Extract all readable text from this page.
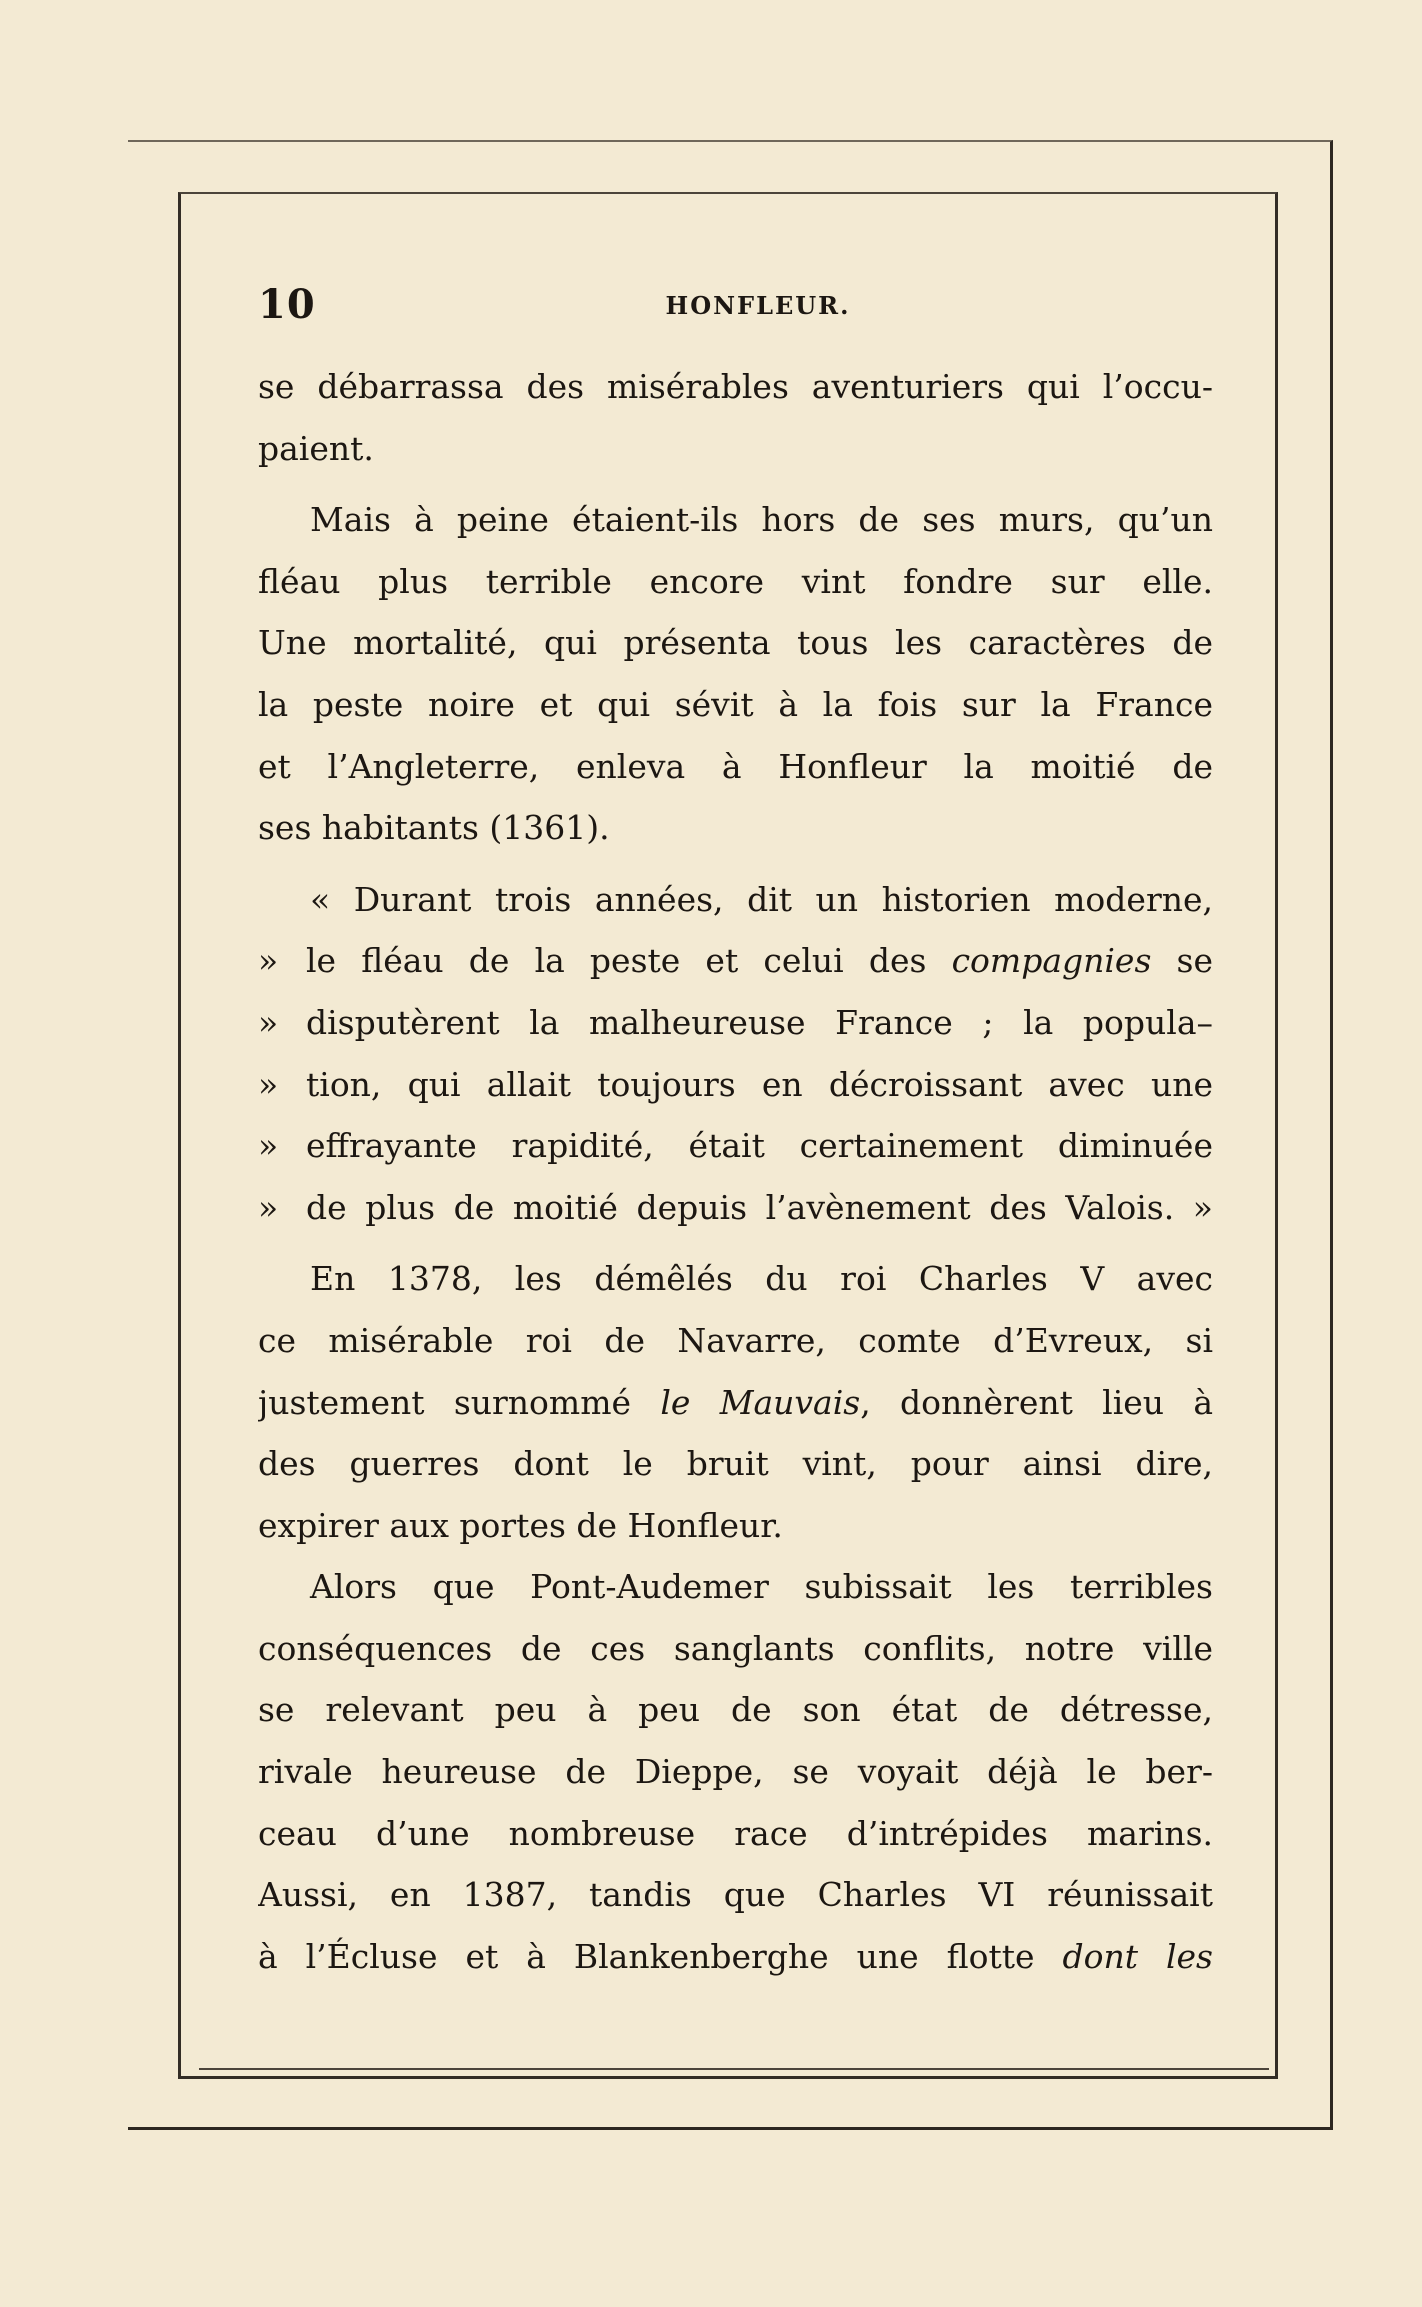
10	HONFLEUR.
se débarrassa des misérables aventuriers qui l’occu-
paient.
Mais à peine étaient-ils hors de ses murs, qu’un
fléau plus terrible encore vint fondre sur elle.
Une mortalité, qui présenta tous les caractères de
la peste noire et qui sévit à la fois sur la France
et l’Angleterre, enleva à Honfleur la moitié de
ses habitants (1361).
« Durant trois années, dit un historien moderne,
» le fléau de la peste et celui des compagnies se
» disputèrent la malheureuse France ; la popula–
» tion, qui allait toujours en décroissant avec une
» effrayante rapidité, était certainement diminuée
» de plus de moitié depuis l’avènement des Valois. »
En 1378, les démêlés du roi Charles V avec
ce misérable roi de Navarre, comte d’Evreux, si
justement surnommé le Mauvais, donnèrent lieu à
des guerres dont le bruit vint, pour ainsi dire,
expirer aux portes de Honfleur.
Alors que Pont-Audemer subissait les terribles
conséquences de ces sanglants conflits, notre ville
se relevant peu à peu de son état de détresse,
rivale heureuse de Dieppe, se voyait déjà le ber-
ceau d’une nombreuse race d’intrépides marins.
Aussi, en 1387, tandis que Charles VI réunissait
à l’Écluse et à Blankenberghe une flotte dont les
